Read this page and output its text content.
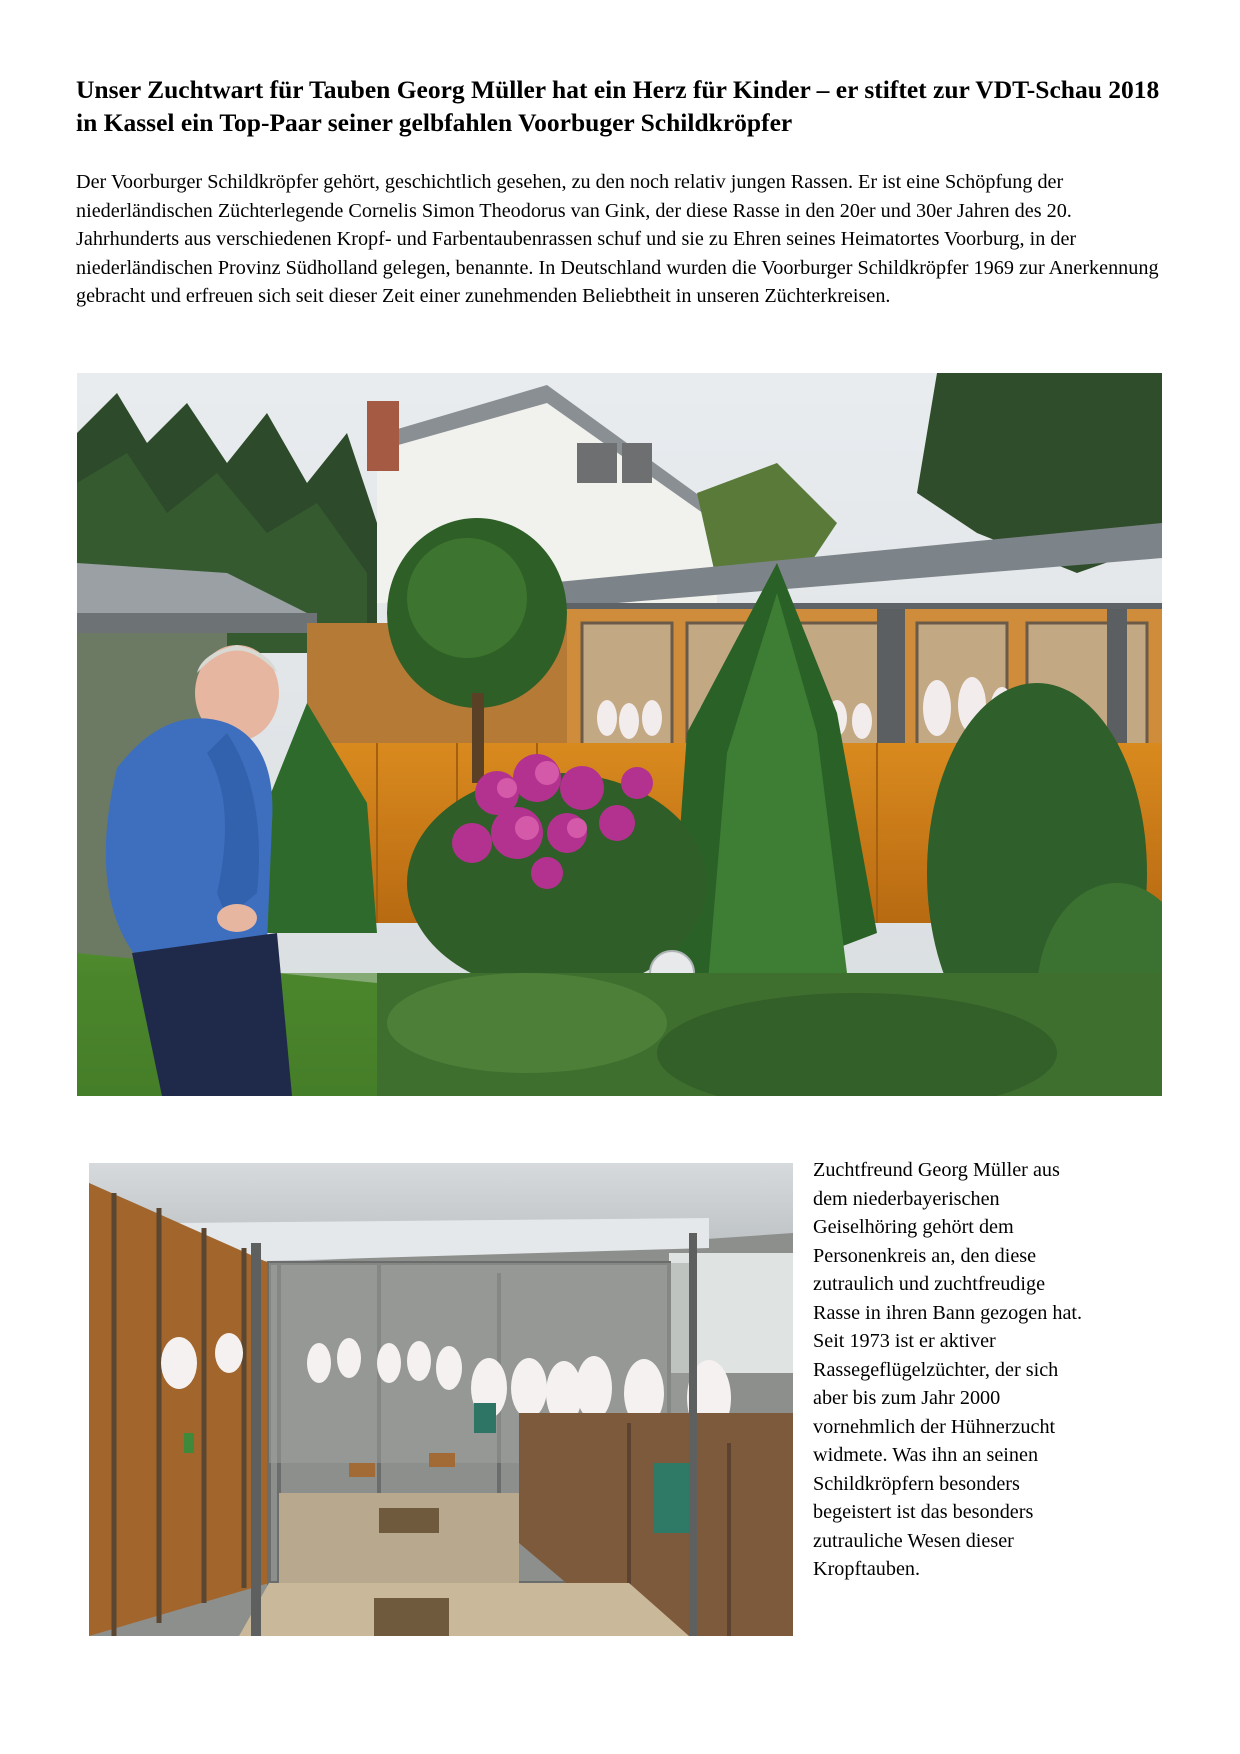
Unser Zuchtwart für Tauben Georg Müller hat ein Herz für Kinder – er stiftet zur VDT-Schau 2018 in Kassel ein Top-Paar seiner gelbfahlen Voorbuger Schildkröpfer

Der Voorburger Schildkröpfer gehört, geschichtlich gesehen, zu den noch relativ jungen Rassen. Er ist eine Schöpfung der niederländischen Züchterlegende Cornelis Simon Theodorus van Gink, der diese Rasse in den 20er und 30er Jahren des 20. Jahrhunderts aus verschiedenen Kropf- und Farbentaubenrassen schuf und sie zu Ehren seines Heimatortes Voorburg, in der niederländischen Provinz Südholland gelegen, benannte. In Deutschland wurden die Voorburger Schildkröpfer 1969 zur Anerkennung gebracht und erfreuen sich seit dieser Zeit einer zunehmenden Beliebtheit in unseren Züchterkreisen.

Zuchtfreund Georg Müller aus
dem niederbayerischen
Geiselhöring gehört dem
Personenkreis an, den diese
zutraulich und zuchtfreudige
Rasse in ihren Bann gezogen hat.
Seit 1973 ist er aktiver
Rassegeflügelzüchter, der sich
aber bis zum Jahr 2000
vornehmlich der Hühnerzucht
widmete. Was ihn an seinen
Schildkröpfern besonders
begeistert ist das besonders
zutrauliche Wesen dieser
Kropftauben.
